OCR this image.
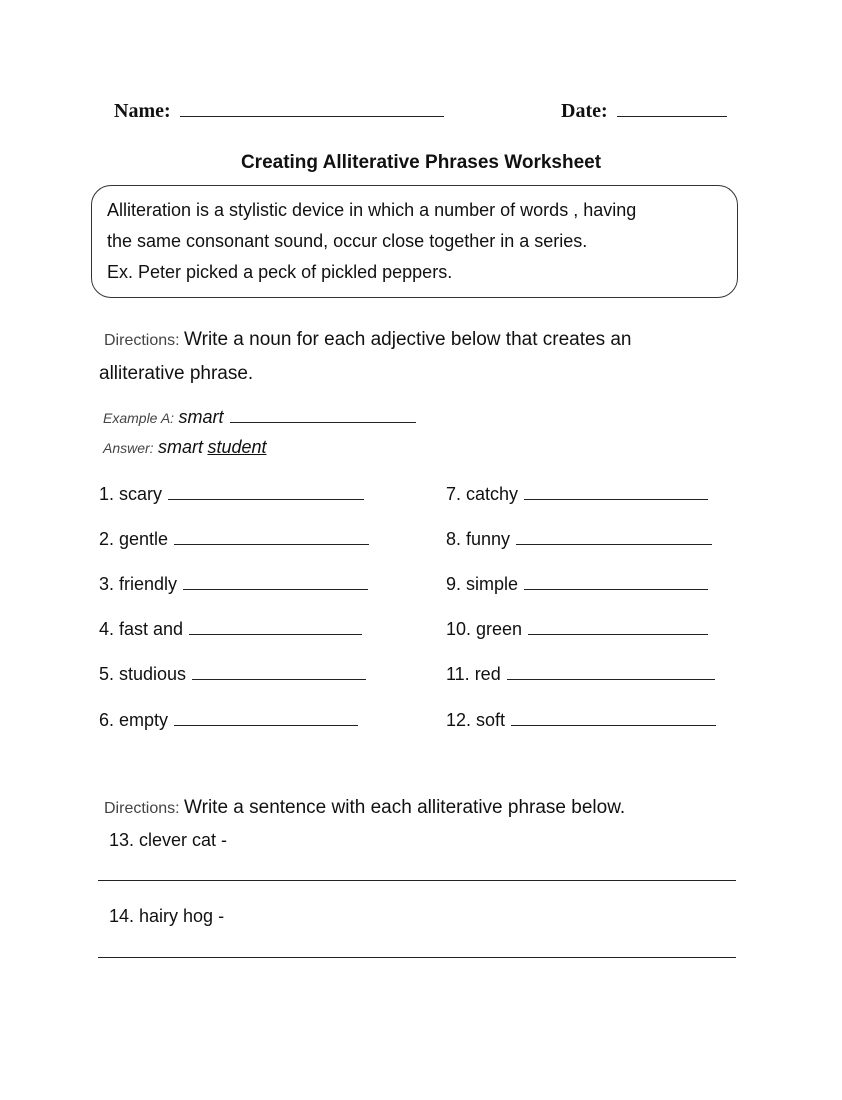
Name:	Date:
Creating Alliterative Phrases Worksheet
Alliteration is a stylistic device in which a number of words , having
the same consonant sound, occur close together in a series.
Ex. Peter picked a peck of pickled peppers.
Directions: Write a noun for each adjective below that creates an
alliterative phrase.
Example A: smart
Answer: smart student
1. scary
2. gentle
3. friendly
4. fast and
5. studious
6. empty
7. catchy
8. funny
9. simple
10. green
11. red
12. soft
Directions: Write a sentence with each alliterative phrase below.
13. clever cat -
14. hairy hog -
